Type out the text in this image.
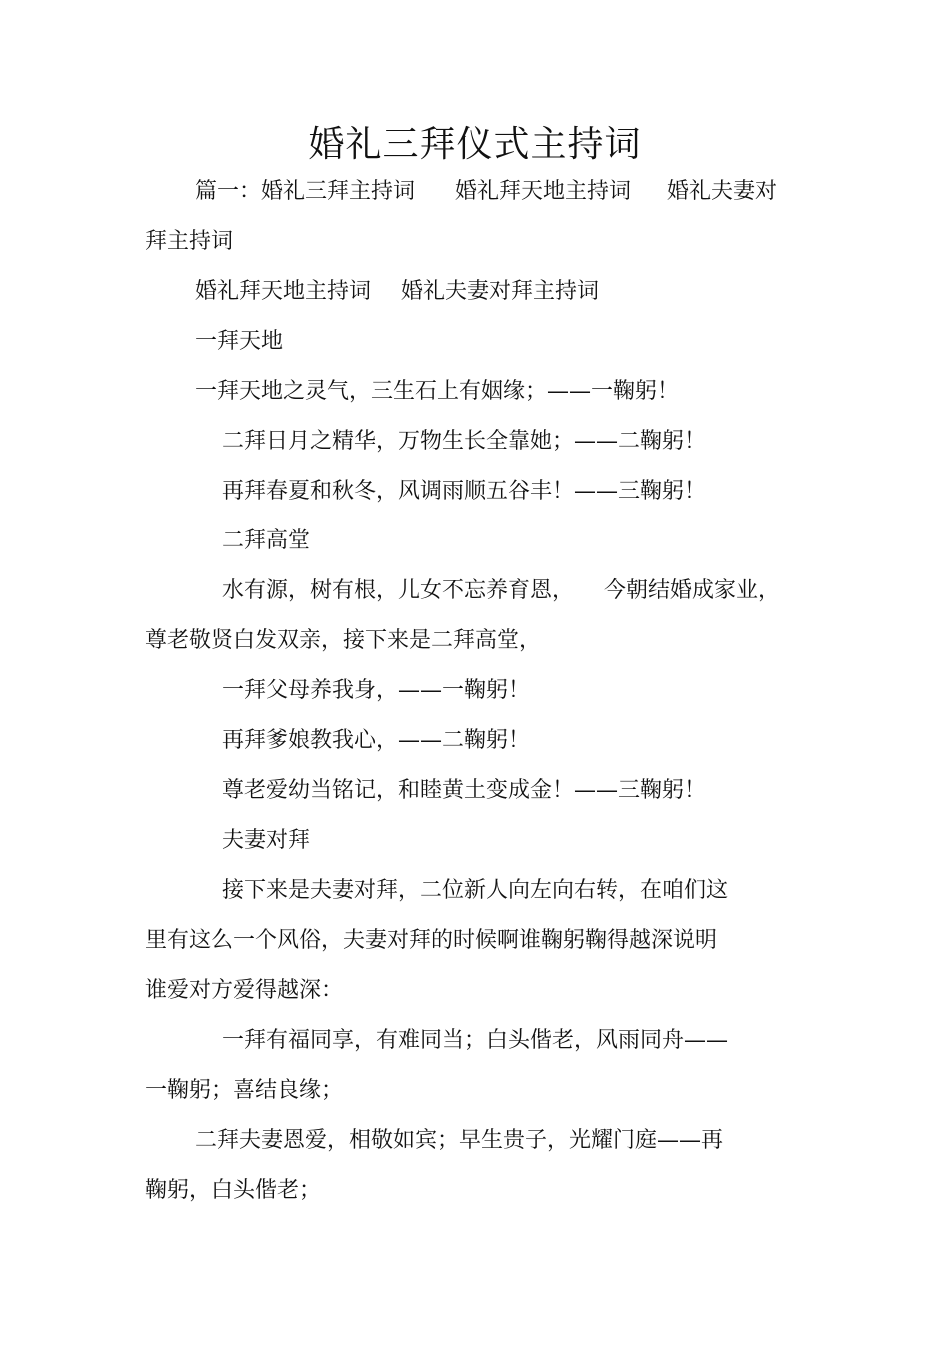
婚礼三拜仪式主持词
篇一：婚礼三拜主持词 婚礼拜天地主持词 婚礼夫妻对
拜主持词
婚礼拜天地主持词 婚礼夫妻对拜主持词
一拜天地
一拜天地之灵气，三生石上有姻缘；——一鞠躬！
二拜日月之精华，万物生长全靠她；——二鞠躬！
再拜春夏和秋冬，风调雨顺五谷丰！——三鞠躬！
二拜高堂
水有源，树有根，儿女不忘养育恩， 今朝结婚成家业，
尊老敬贤白发双亲，接下来是二拜高堂，
一拜父母养我身，——一鞠躬！
再拜爹娘教我心，——二鞠躬！
尊老爱幼当铭记，和睦黄土变成金！——三鞠躬！
夫妻对拜
接下来是夫妻对拜，二位新人向左向右转，在咱们这
里有这么一个风俗，夫妻对拜的时候啊谁鞠躬鞠得越深说明
谁爱对方爱得越深：
一拜有福同享，有难同当；白头偕老，风雨同舟——
一鞠躬；喜结良缘；
二拜夫妻恩爱，相敬如宾；早生贵子，光耀门庭——再
鞠躬，白头偕老；
